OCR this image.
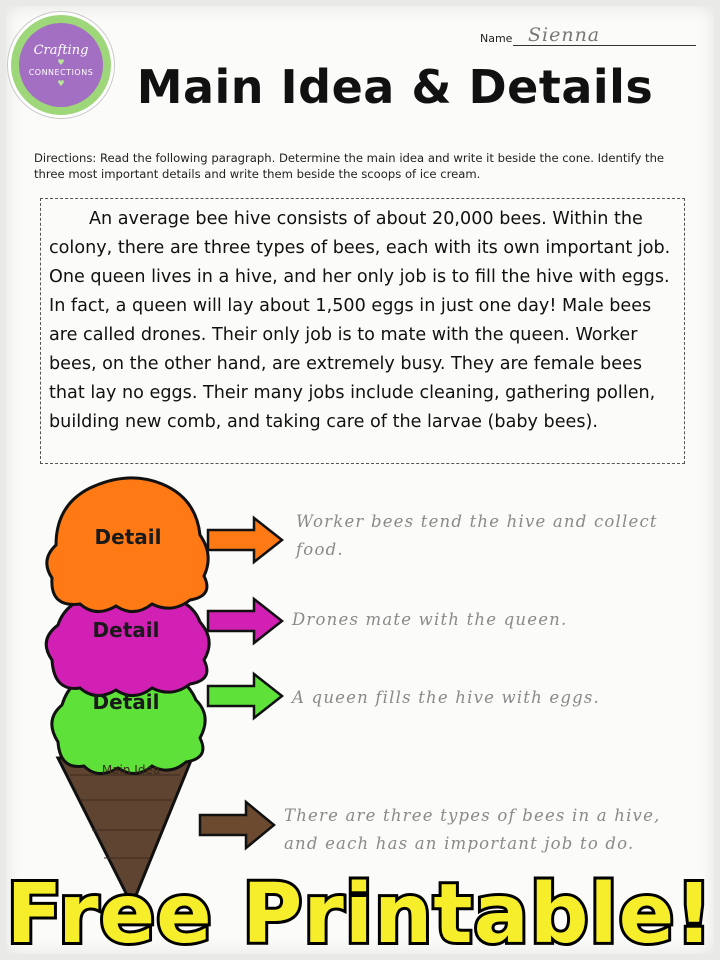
Crafting
♥
CONNECTIONS
♥
Name Sienna
Main Idea & Details
Directions: Read the following paragraph. Determine the main idea and write it beside the cone. Identify the three most important details and write them beside the scoops of ice cream.
An average bee hive consists of about 20,000 bees. Within the colony, there are three types of bees, each with its own important job. One queen lives in a hive, and her only job is to fill the hive with eggs. In fact, a queen will lay about 1,500 eggs in just one day! Male bees are called drones. Their only job is to mate with the queen. Worker bees, on the other hand, are extremely busy. They are female bees that lay no eggs. Their many jobs include cleaning, gathering pollen, building new comb, and taking care of the larvae (baby bees).
Detail
Detail
Detail
Main Idea
Worker bees tend the hive and collect food.
Drones mate with the queen.
A queen fills the hive with eggs.
There are three types of bees in a hive, and each has an important job to do.
Free Printable!
